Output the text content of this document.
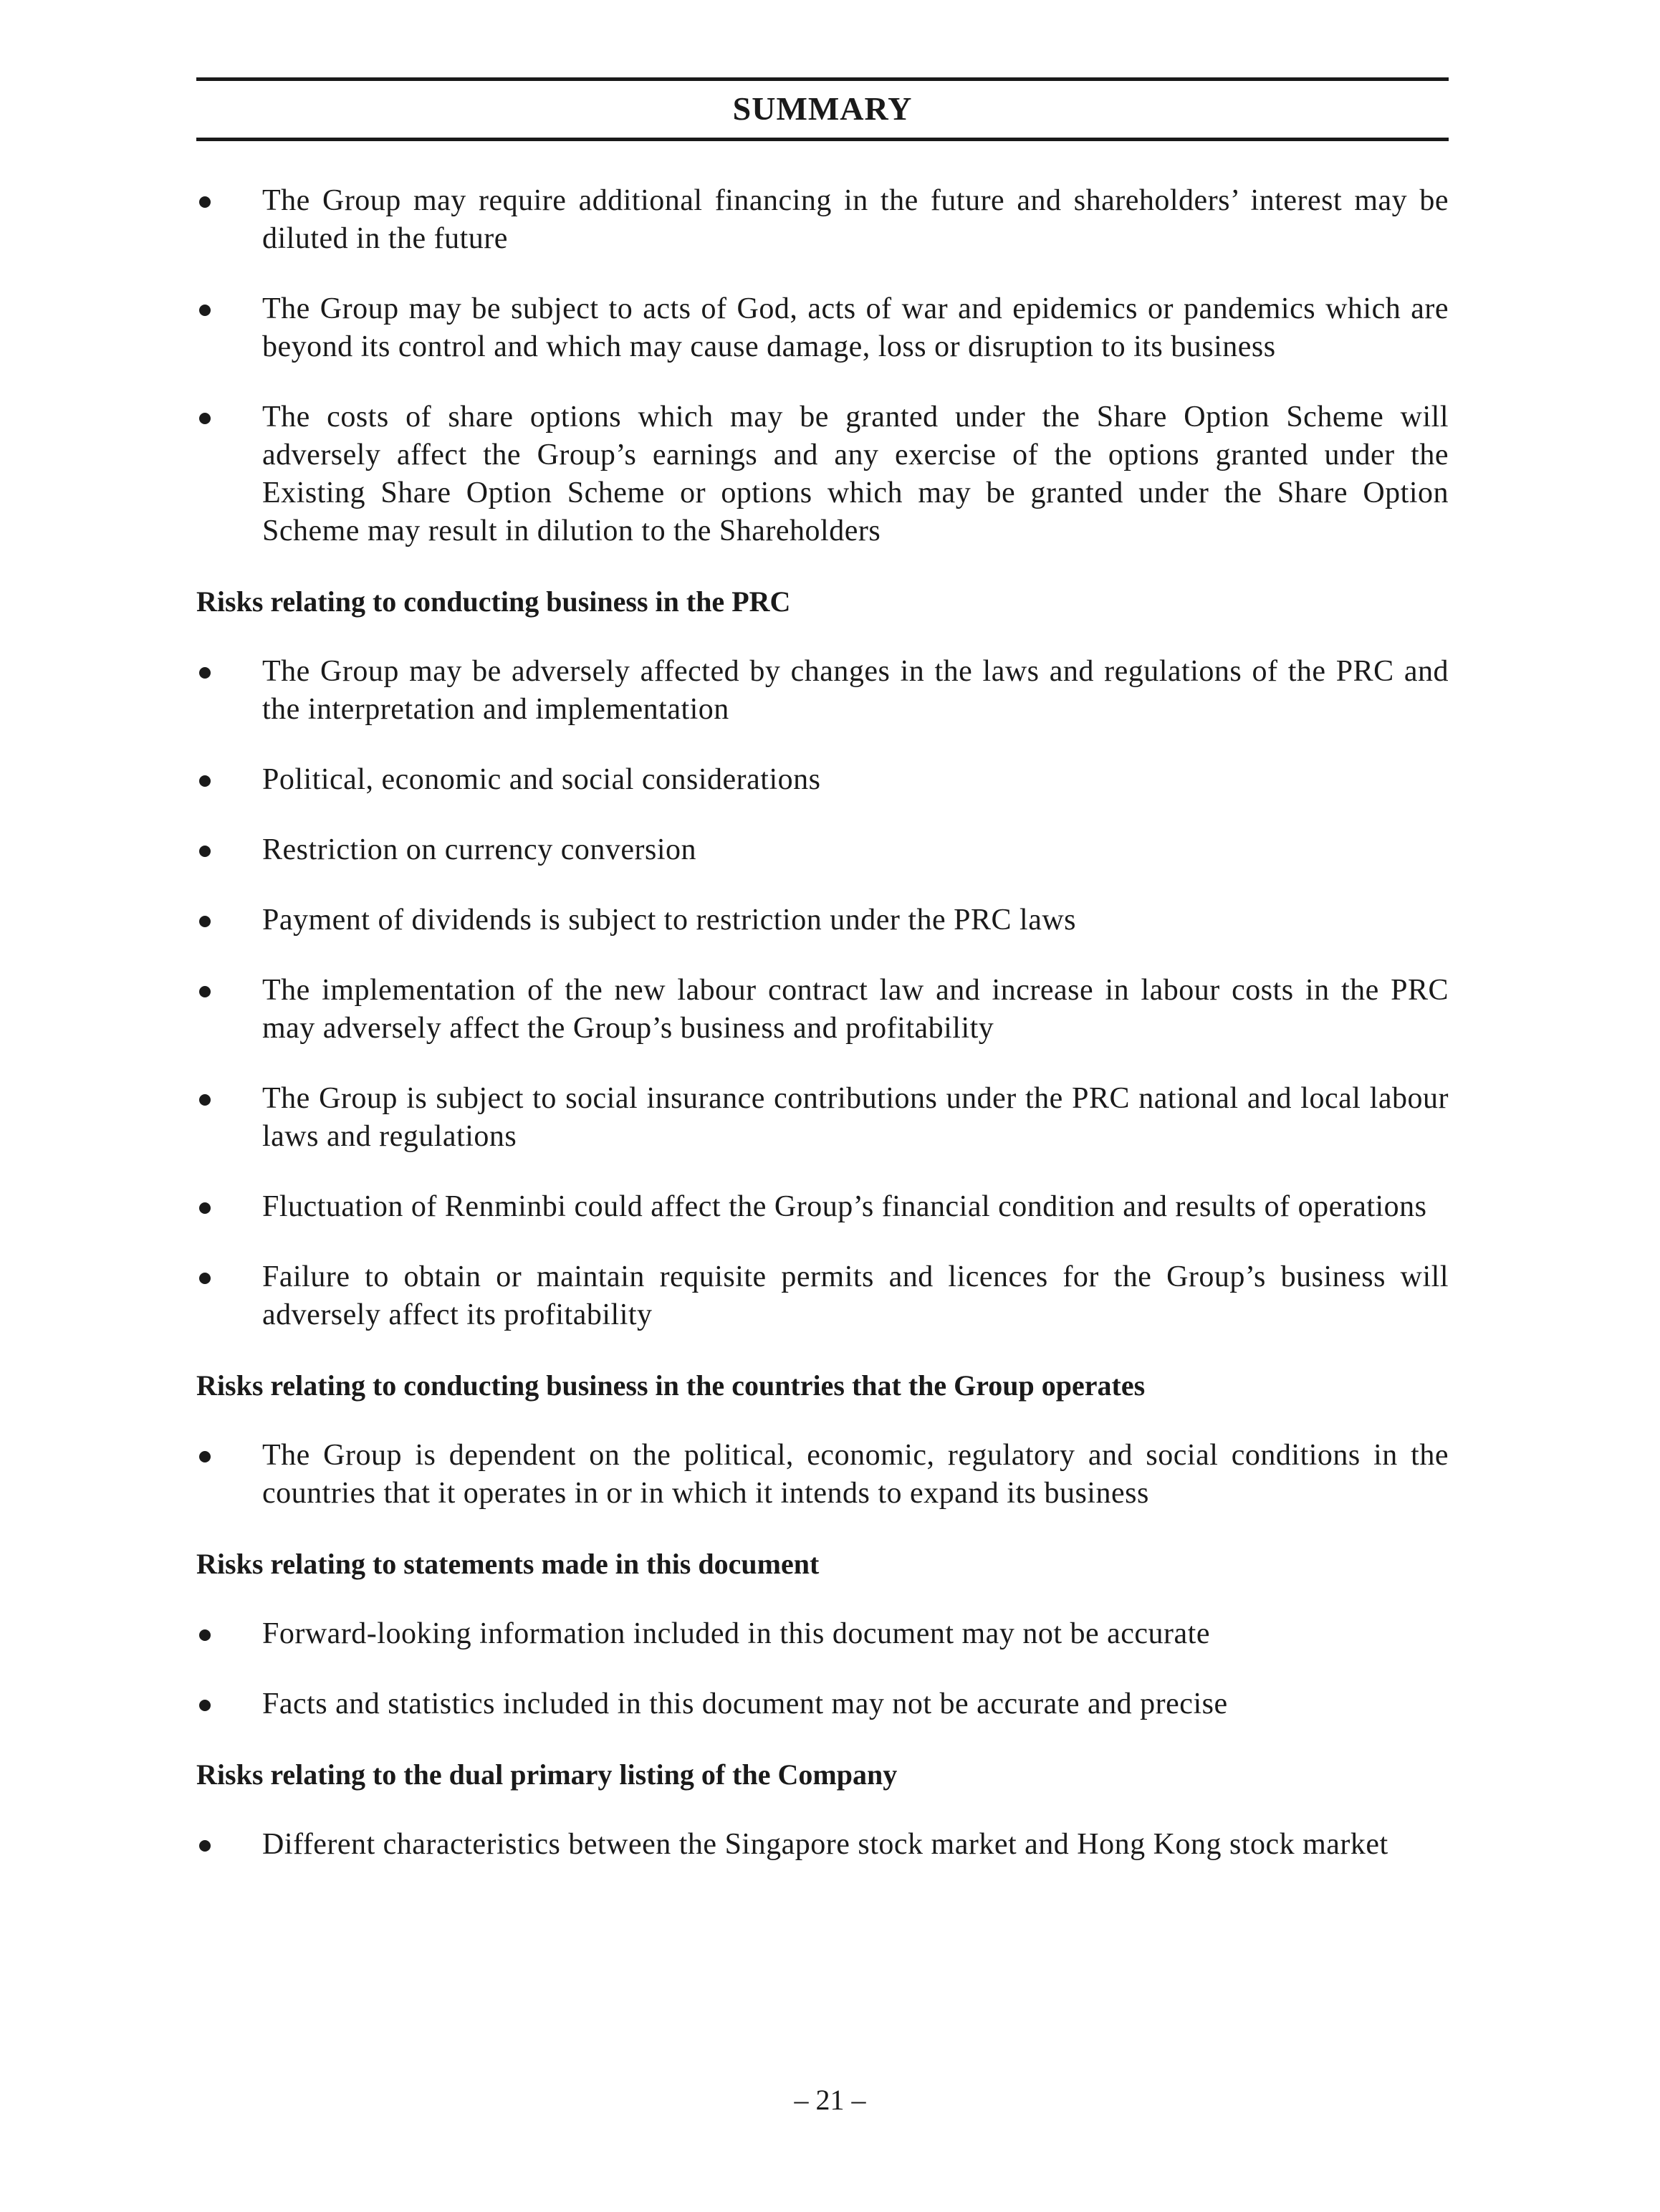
SUMMARY
The Group may require additional financing in the future and shareholders’ interest may be diluted in the future
The Group may be subject to acts of God, acts of war and epidemics or pandemics which are beyond its control and which may cause damage, loss or disruption to its business
The costs of share options which may be granted under the Share Option Scheme will adversely affect the Group’s earnings and any exercise of the options granted under the Existing Share Option Scheme or options which may be granted under the Share Option Scheme may result in dilution to the Shareholders
Risks relating to conducting business in the PRC
The Group may be adversely affected by changes in the laws and regulations of the PRC and the interpretation and implementation
Political, economic and social considerations
Restriction on currency conversion
Payment of dividends is subject to restriction under the PRC laws
The implementation of the new labour contract law and increase in labour costs in the PRC may adversely affect the Group’s business and profitability
The Group is subject to social insurance contributions under the PRC national and local labour laws and regulations
Fluctuation of Renminbi could affect the Group’s financial condition and results of operations
Failure to obtain or maintain requisite permits and licences for the Group’s business will adversely affect its profitability
Risks relating to conducting business in the countries that the Group operates
The Group is dependent on the political, economic, regulatory and social conditions in the countries that it operates in or in which it intends to expand its business
Risks relating to statements made in this document
Forward-looking information included in this document may not be accurate
Facts and statistics included in this document may not be accurate and precise
Risks relating to the dual primary listing of the Company
Different characteristics between the Singapore stock market and Hong Kong stock market
– 21 –
